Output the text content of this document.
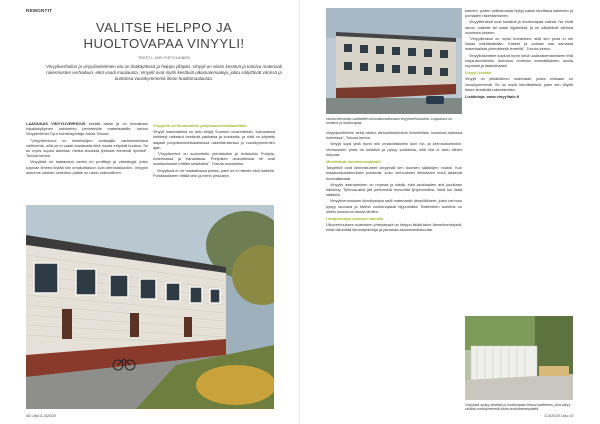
REMONTIT
VALITSE HELPPO JA
HUOLTOVAPAA VINYYLI!
TEKSTI: JARI PIETOLAINEN
Vinyyliverhoilun ja vinyyliaskelmien etu on lisäkäytössä ja helppo ylläpito. Vinyyli on siistin kestävä ja toimiva materiaali rakennusten verhoiluun, eikä vaadi maalausta. Vinyylit ovat myös kestäviä ulkomateriaaleja, jotka säilyttävät värinsä ja kuntonsa vuosikymmeniä ilman huoltomaalausta.

LAADUKAS VINYYLIVERHOUS kestää aikaa ja on hinnaltaan kilpailukykyinen vaihtoehto perinteisille materiaaleille, kertoo Vinyylimiehet Oy:n toimitusjohtaja Jukka Toivola.

"Vinyyliverhous on kiinteistöjen omistajille varteenotettava vaihtoehto, sillä se ei vaadi maalausta eikä muuta erityistä huoltoa. Se on myös nopea asentaa, minkä ansiosta työmaat etenevät ripeästi", Toivola kertoo.

Vinyylistä on saatavana useita eri profiileja ja värisävyjä, joten sopivan ilmeen löytää niin omakotitaloon kuin kerrostaloonkin. Vinyylin asennus vanhan verhoilun päälle on usein mahdollinen.

Vinyylillä verhoustraditio pohjoisamerikkalaisittain

Vinyyli materiaalina on tuttu tekijä Suomen olosuhteisiin. Kanadassa kehitetyt ratkaisut kestävät pakkasta ja kosteutta, ja niitä on käytetty laajasti pohjoisamerikkalaisessa rakentamisessa jo vuosikymmenten ajan.

"Vinyyliverhot on suunniteltu pientaloihin ja rivitaloihin Pohjois-Amerikassa ja Kanadassa. Pohjoisen olosuhteissa ne ovat osoittautuneet erittäin kestäviksi", Toivola muistuttaa.

Vinyylissä ei ole maalattavaa pintaa, joten se ei hilseile eikä halkeile. Puhdistukseen riittää vesi ja mieto pesuaine.

46 Liito 3-4/2020
Vanha kerrostalo uudistettiin kokonaisuudessaan vinyyliverhouksella. Lopputulos on moderni ja huoltovapaa.

vinyyliprofiileihin sekä niiden värivaihtoehtoihin kiinnitetään huomiota kaikissa kohteissa", Toivola kertoo.

Vinyyli sopii yhtä hyvin niin omakotitaloihin kuin rivi- ja kerrostaloihinkin. Verhouksen pinta on kestävä ja pysyy puhtaana, sillä lika ei tartu siihen helposti.

Merkittävät kustannussäästöt

Taloyhtiöt ovat kiinnostuneet vinyylistä sen tuomien säästöjen vuoksi. Kun maalauskustannukset poistuvat, koko verhouksen elinkaaren kulut laskevat huomattavasti.

Vinyylin asentaminen on nopeaa ja siistiä, eikä asukkaiden arki juurikaan häiriinny. Työmaa-aika jää perinteistä remonttia lyhyemmäksi, mikä tuo lisää säästöä.

Vinyyliverhouksen kiinnitystapa sallii materiaalin lämpöliikkeet, joten verhous pysyy suorana ja tiiviinä vuodenajasta riippumatta. Rakenteen tuuletus on otettu huomioon alusta lähtien.

Lämpöeristys kuntoon samalla

Ulkoverhouksen uusimisen yhteydessä on helppo lisätä talon lämmöneristystä, mikä vähentää lämmityskuluja ja parantaa asumismukavuutta.

kannen, joiden valikoimasta löytyy kaikki tarvittava kaiteiden ja portaiden rakentamiseen.

Vinyyliterassit ovat kestävä ja huoltovapaa valinta. Ne eivät lahoa, halkeile tai vaadi öljyämistä, ja ne säilyttävät värinsä vuodesta toiseen.

"Vinyyliterassi on myös turvallinen, sillä sen pinta ei ole liukas märkänäkään. Kaiteet ja portaat saa samasta materiaalista yhtenäisellä ilmeellä", Toivola kertoo.

Vinyylirakenteet sopivat hyvin sekä uudisrakentamiseen että korjauskohteisiin. Asennus onnistuu ammattilaisten avulla nopeasti ja laadukkaasti.

Vinyyli kestää

Vinyyli on pitkäikäinen materiaali, jonka elinkaari on vuosikymmeniä. Se on myös kierrätettävä, joten sen käyttö tukee kestävää rakentamista.

Lisätietoja: www.vinyylitalo.fi

Vinyylistä syntyy kestävä ja huoltovapaa terassi kaiteineen, joka säilyy siistinä vuosikymmeniä ilman huoltotoimenpiteitä.
3-4/2020 Liito 47
